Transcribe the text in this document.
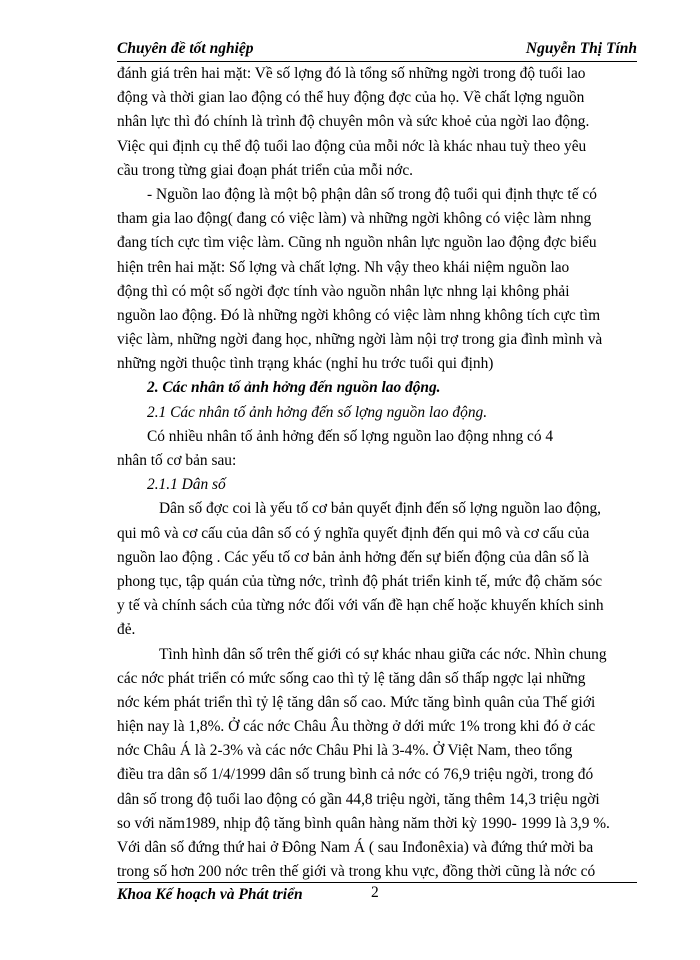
Chuyên đề tốt nghiệp	Nguyễn Thị Tính
đánh giá trên hai mặt: Về số lợng đó là tổng số những ngời trong độ tuổi lao
động và thời gian lao động có thể huy động đợc của họ. Về chất lợng nguồn
nhân lực thì đó chính là trình độ chuyên môn và sức khoẻ của ngời lao động.
Việc qui định cụ thể độ tuổi lao động của mỗi nớc là khác nhau tuỳ theo yêu
cầu trong từng giai đoạn phát triển của mỗi nớc.
- Nguồn lao động là một bộ phận dân số trong độ tuổi qui định thực tế có
tham gia lao động( đang có việc làm) và những ngời không có việc làm nhng
đang tích cực tìm việc làm. Cũng nh nguồn nhân lực nguồn lao động đợc biểu
hiện trên hai mặt: Số lợng và chất lợng. Nh vậy theo khái niệm nguồn lao
động thì có một số ngời đợc tính vào nguồn nhân lực nhng lại không phải
nguồn lao động. Đó là những ngời không có việc làm nhng không tích cực tìm
việc làm, những ngời đang học, những ngời làm nội trợ trong gia đình mình và
những ngời thuộc tình trạng khác (nghỉ hu trớc tuổi qui định)
2. Các nhân tố ảnh hởng đến nguồn lao động.
2.1 Các nhân tố ảnh hởng đến số lợng nguồn lao động.
Có nhiều nhân tố ảnh hởng đến số lợng nguồn lao động nhng có 4
nhân tố cơ bản sau:
2.1.1 Dân số
Dân số đợc coi là yếu tố cơ bản quyết định đến số lợng nguồn lao động,
qui mô và cơ cấu của dân số có ý nghĩa quyết định đến qui mô và cơ cấu của
nguồn lao động . Các yếu tố cơ bản ảnh hởng đến sự biến động của dân số là
phong tục, tập quán của từng nớc, trình độ phát triển kinh tế, mức độ chăm sóc
y tế và chính sách của từng nớc đối với vấn đề hạn chế hoặc khuyến khích sinh
đẻ.
Tình hình dân số trên thế giới có sự khác nhau giữa các nớc. Nhìn chung
các nớc phát triển có mức sống cao thì tỷ lệ tăng dân số thấp ngợc lại những
nớc kém phát triển thì tỷ lệ tăng dân số cao. Mức tăng bình quân của Thế giới
hiện nay là 1,8%. Ở các nớc Châu Âu thờng ở dới mức 1% trong khi đó ở các
nớc Châu Á là 2-3% và các nớc Châu Phi là 3-4%. Ở Việt Nam, theo tổng
điều tra dân số 1/4/1999 dân số trung bình cả nớc có 76,9 triệu ngời, trong đó
dân số trong độ tuổi lao động có gần 44,8 triệu ngời, tăng thêm 14,3 triệu ngời
so với năm1989, nhịp độ tăng bình quân hàng năm thời kỳ 1990- 1999 là 3,9 %.
Với dân số đứng thứ hai ở Đông Nam Á ( sau Inđonêxia) và đứng thứ mời ba
trong số hơn 200 nớc trên thế giới và trong khu vực, đồng thời cũng là nớc có
Khoa Kế hoạch và Phát triển	2
